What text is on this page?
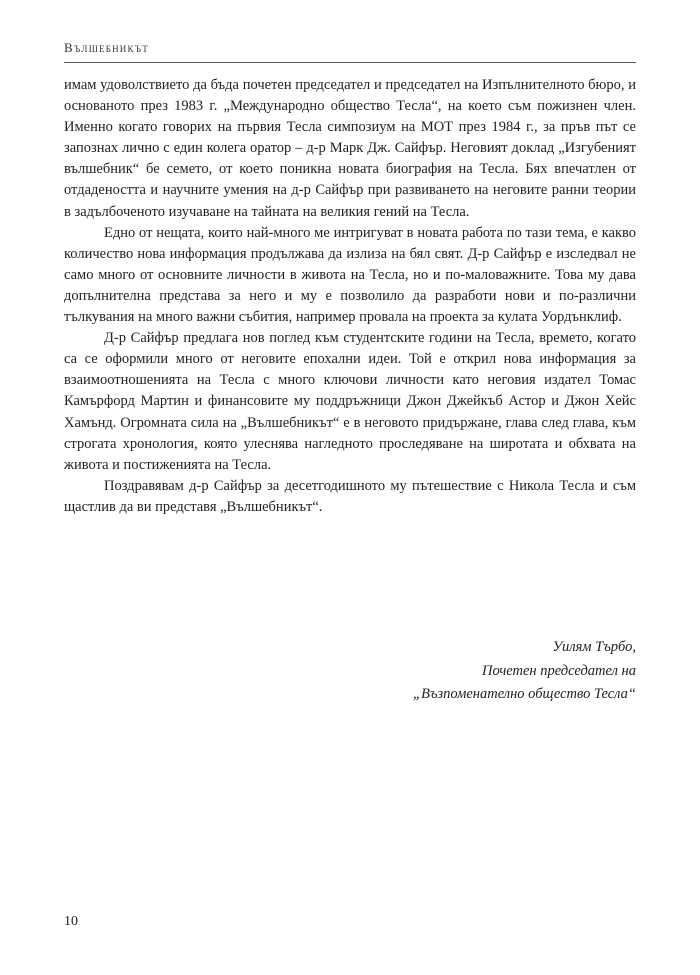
Вълшебникът

имам удоволствието да бъда почетен председател и председател на Изпълнителното бюро, и основаното през 1983 г. „Международно общество Тесла“, на което съм пожизнен член. Именно когато говорих на първия Тесла симпозиум на МОТ през 1984 г., за пръв път се запознах лично с един колега оратор – д-р Марк Дж. Сайфър. Неговият доклад „Изгубеният вълшебник“ бе семето, от което поникна новата биография на Тесла. Бях впечатлен от отдадеността и научните умения на д-р Сайфър при развиването на неговите ранни теории в задълбоченото изучаване на тайната на великия гений на Тесла.

Едно от нещата, които най-много ме интригуват в новата работа по тази тема, е какво количество нова информация продължава да излиза на бял свят. Д-р Сайфър е изследвал не само много от основните личности в живота на Тесла, но и по-маловажните. Това му дава допълнителна представа за него и му е позволило да разработи нови и по-различни тълкувания на много важни събития, например провала на проекта за кулата Уордънклиф.

Д-р Сайфър предлага нов поглед към студентските години на Тесла, времето, когато са се оформили много от неговите епохални идеи. Той е открил нова информация за взаимоотношенията на Тесла с много ключови личности като неговия издател Томас Камърфорд Мартин и финансовите му поддръжници Джон Джейкъб Астор и Джон Хейс Хамънд. Огромната сила на „Вълшебникът“ е в неговото придържане, глава след глава, към строгата хронология, която улеснява нагледното проследяване на широтата и обхвата на живота и постиженията на Тесла.

Поздравявам д-р Сайфър за десетгодишното му пътешествие с Никола Тесла и съм щастлив да ви представя „Вълшебникът“.

Уилям Търбо,
Почетен председател на
„Възпоменателно общество Тесла“
10
